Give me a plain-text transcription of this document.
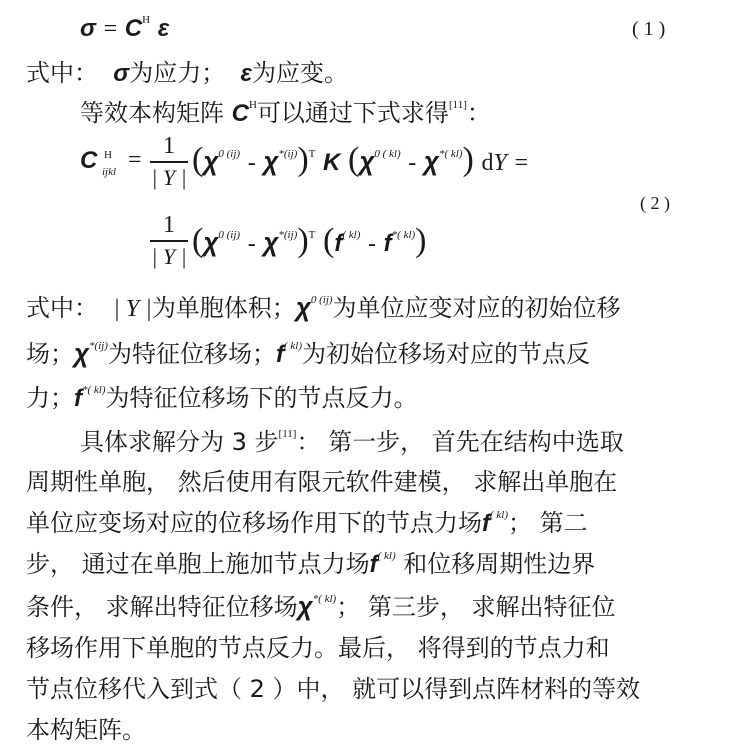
$\sigma = C^H$ ε	( 1 )
式中： σ为应力； ε为应变。
等效本构矩阵 $C^H$可以通过下式求得[11]：
C H
ijkl =
1
| Y | $(\chi^{0 (ij)} - \chi^{*(ij)})^T$ K $(\chi^{0 ( kl)} - \chi^{*( kl)})$ dY =
( 2 )
1
| Y | $(\chi^{0 (ij)} - \chi^{*(ij)})^T$ $(f^{( kl)} - f^{*( kl)})$
式中： | Y |为单胞体积；$\chi^{0 (ij)}$为单位应变对应的初始位移
场；$\chi^{*(ij)}$为特征位移场；$f^{( kl)}$为初始位移场对应的节点反
力；$f^{*( kl)}$为特征位移场下的节点反力。
具体求解分为 3 步[11]： 第一步， 首先在结构中选取
周期性单胞， 然后使用有限元软件建模， 求解出单胞在
单位应变场对应的位移场作用下的节点力场$f^{( kl)}$； 第二
步， 通过在单胞上施加节点力场$f^{( kl)}$ 和位移周期性边界
条件， 求解出特征位移场$\chi^{*( kl)}$； 第三步， 求解出特征位
移场作用下单胞的节点反力。最后， 将得到的节点力和
节点位移代入到式（ 2 ）中， 就可以得到点阵材料的等效
本构矩阵。
